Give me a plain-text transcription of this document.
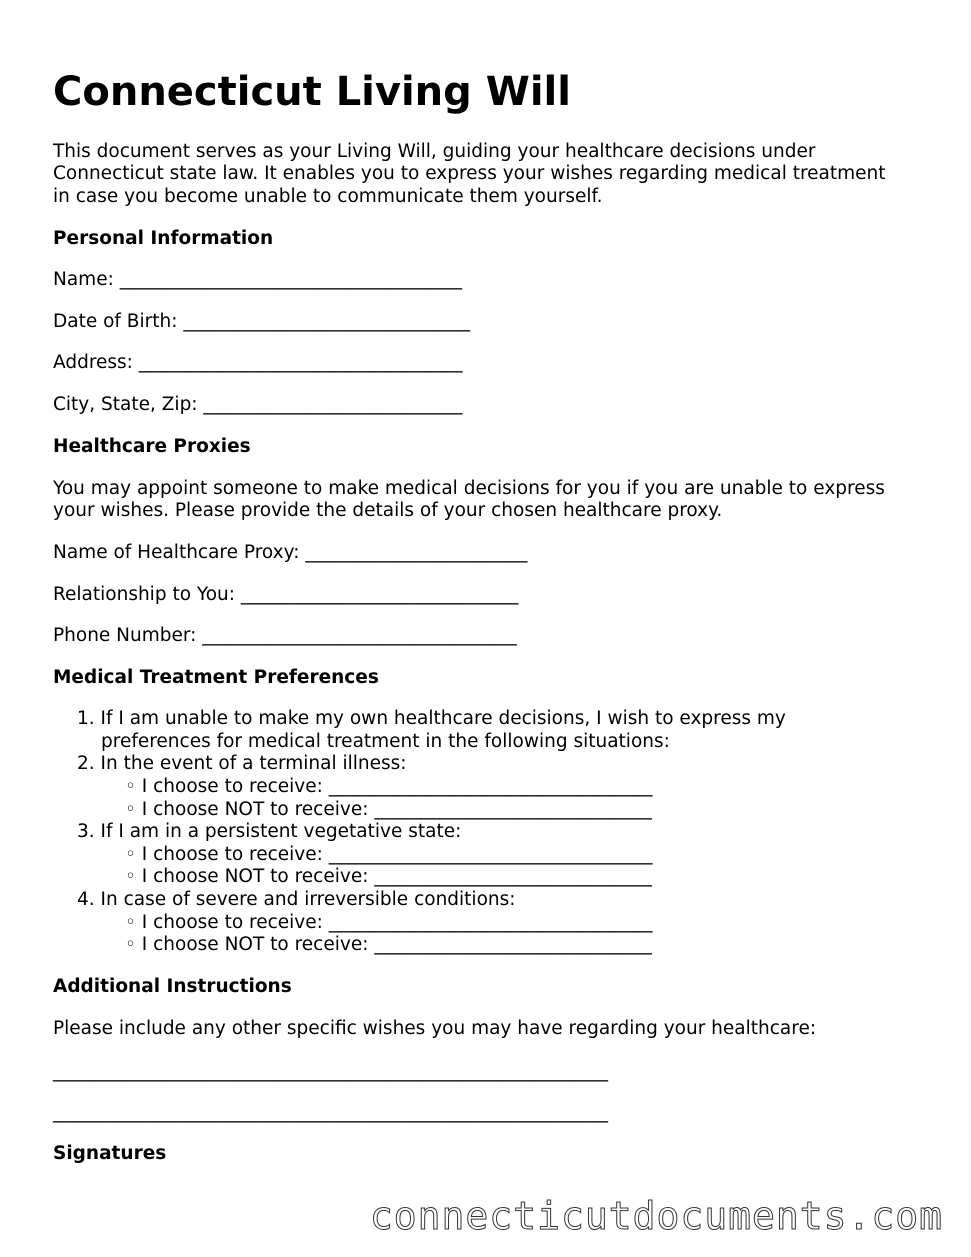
Connecticut Living Will
This document serves as your Living Will, guiding your healthcare decisions under
Connecticut state law. It enables you to express your wishes regarding medical treatment
in case you become unable to communicate them yourself.
Personal Information
Name: _____________________________________
Date of Birth: _______________________________
Address: ___________________________________
City, State, Zip: ____________________________
Healthcare Proxies
You may appoint someone to make medical decisions for you if you are unable to express
your wishes. Please provide the details of your chosen healthcare proxy.
Name of Healthcare Proxy: ________________________
Relationship to You: ______________________________
Phone Number: __________________________________
Medical Treatment Preferences
1. If I am unable to make my own healthcare decisions, I wish to express my
preferences for medical treatment in the following situations:
2. In the event of a terminal illness:
◦ I choose to receive: ___________________________________
◦ I choose NOT to receive: ______________________________
3. If I am in a persistent vegetative state:
◦ I choose to receive: ___________________________________
◦ I choose NOT to receive: ______________________________
4. In case of severe and irreversible conditions:
◦ I choose to receive: ___________________________________
◦ I choose NOT to receive: ______________________________
Additional Instructions
Please include any other specific wishes you may have regarding your healthcare:
____________________________________________________________
____________________________________________________________
Signatures
connecticutdocuments.com
